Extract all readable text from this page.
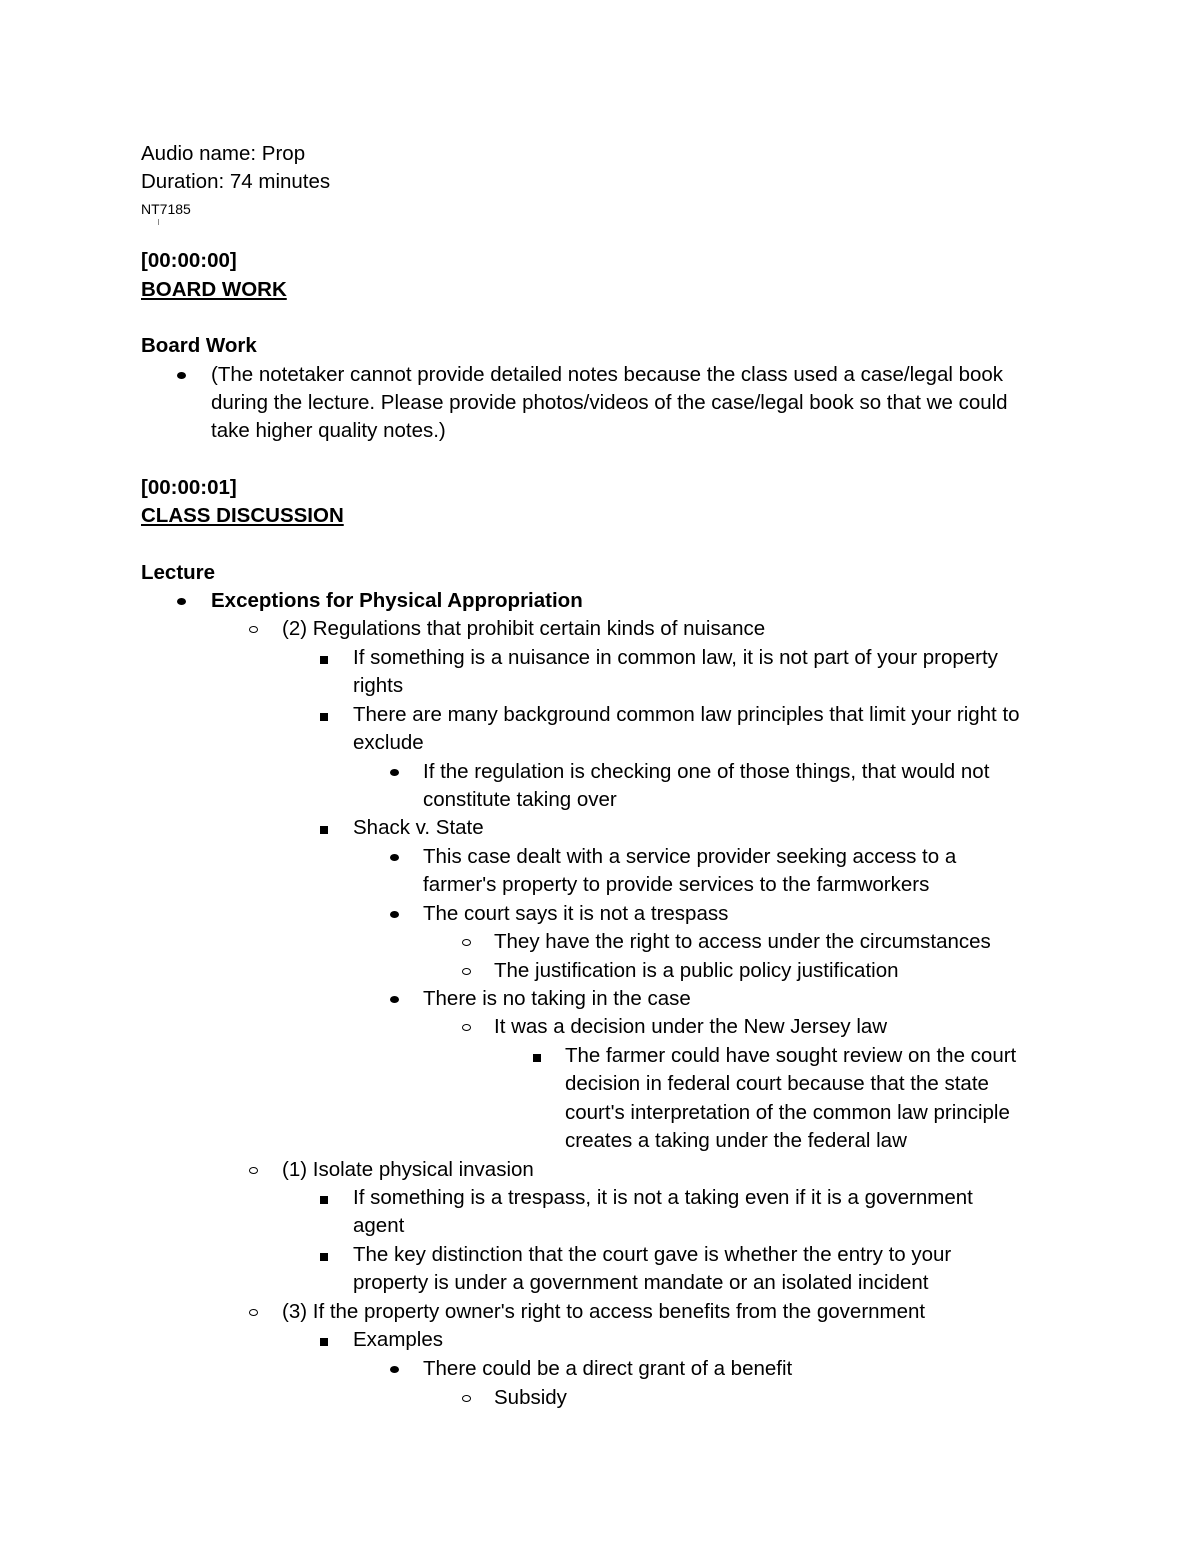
Audio name: Prop

Duration: 74 minutes

NT7185

[00:00:00]

BOARD WORK

Board Work

(The notetaker cannot provide detailed notes because the class used a case/legal book

during the lecture. Please provide photos/videos of the case/legal book so that we could

take higher quality notes.)

[00:00:01]

CLASS DISCUSSION

Lecture

Exceptions for Physical Appropriation

(2) Regulations that prohibit certain kinds of nuisance

If something is a nuisance in common law, it is not part of your property

rights

There are many background common law principles that limit your right to

exclude

If the regulation is checking one of those things, that would not

constitute taking over

Shack v. State

This case dealt with a service provider seeking access to a

farmer's property to provide services to the farmworkers

The court says it is not a trespass

They have the right to access under the circumstances

The justification is a public policy justification

There is no taking in the case

It was a decision under the New Jersey law

The farmer could have sought review on the court

decision in federal court because that the state

court's interpretation of the common law principle

creates a taking under the federal law

(1) Isolate physical invasion

If something is a trespass, it is not a taking even if it is a government

agent

The key distinction that the court gave is whether the entry to your

property is under a government mandate or an isolated incident

(3) If the property owner's right to access benefits from the government

Examples

There could be a direct grant of a benefit

Subsidy
